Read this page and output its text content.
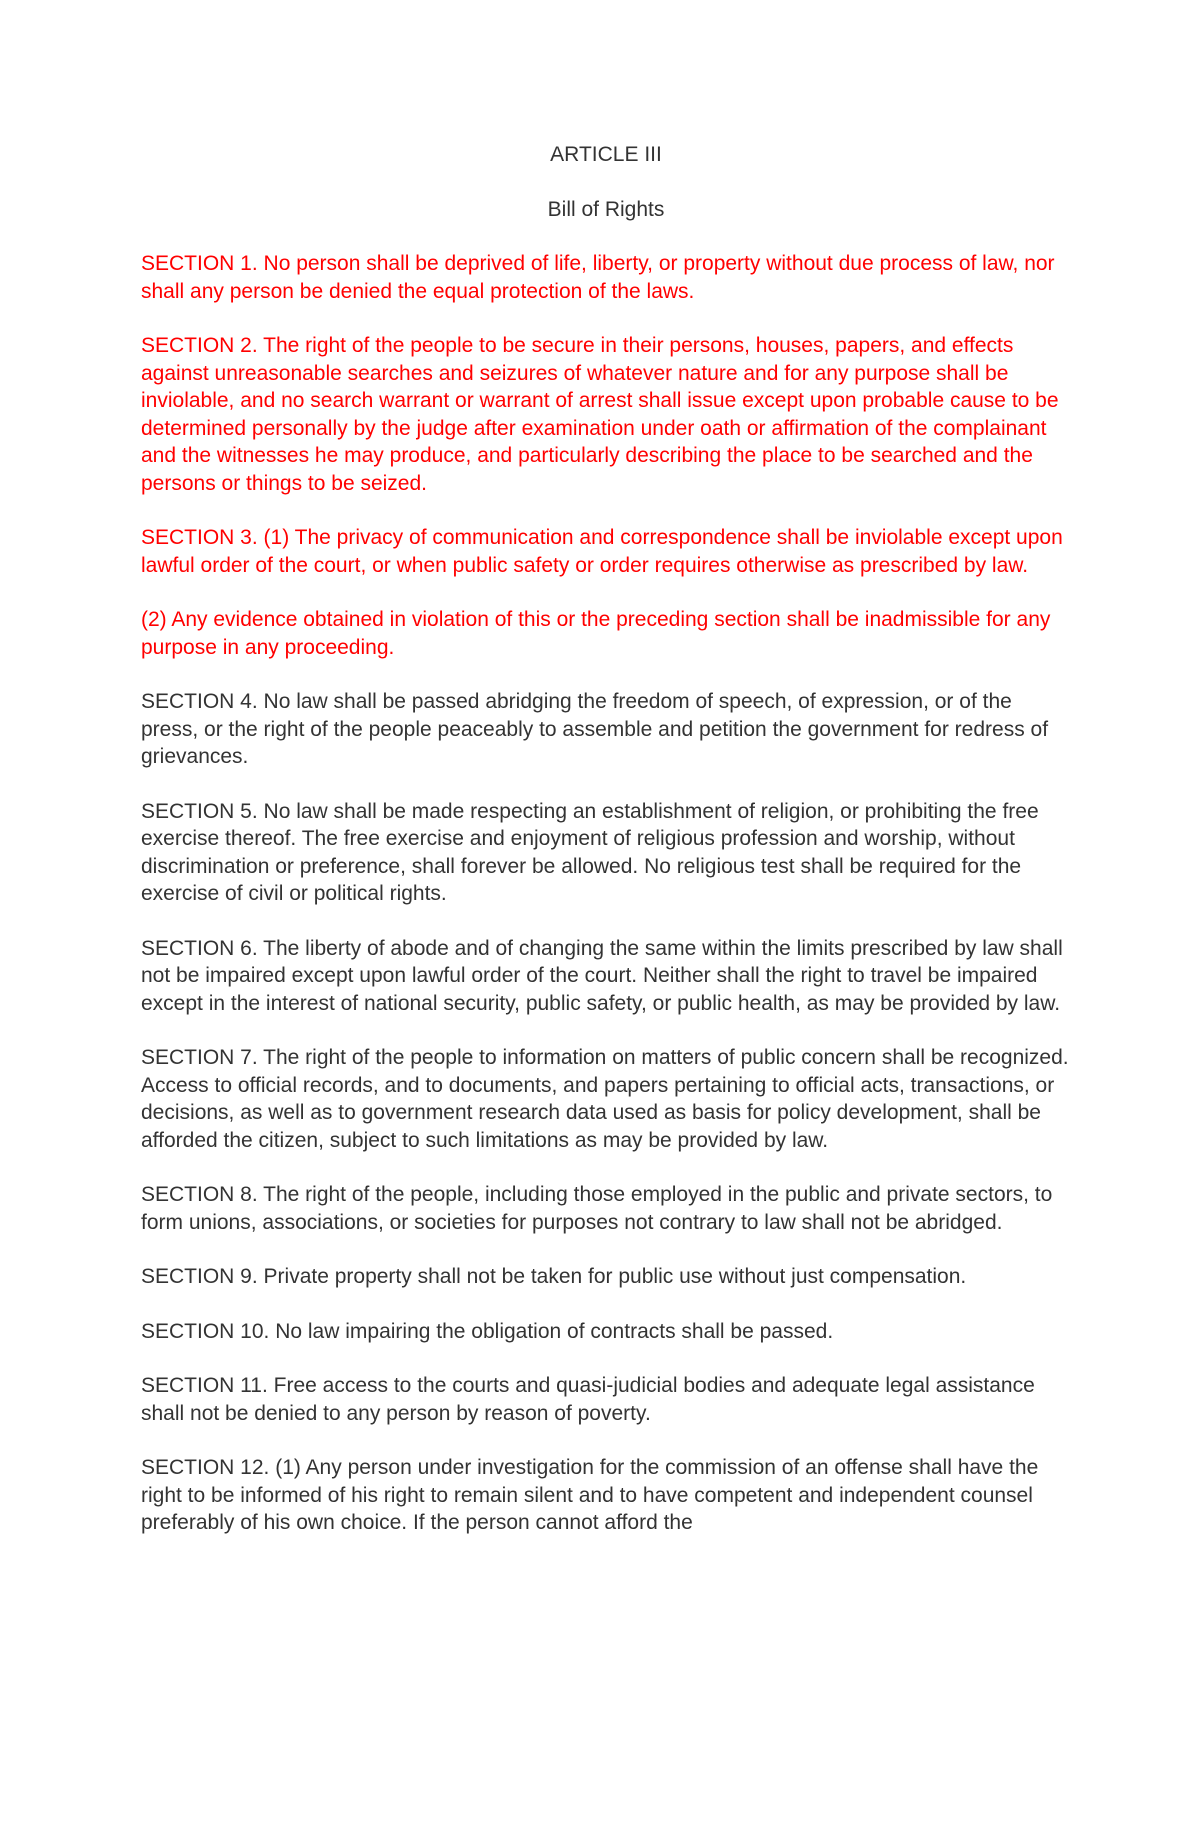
ARTICLE III

Bill of Rights

SECTION 1. No person shall be deprived of life, liberty, or property without due process of law, nor shall any person be denied the equal protection of the laws.

SECTION 2. The right of the people to be secure in their persons, houses, papers, and effects against unreasonable searches and seizures of whatever nature and for any purpose shall be inviolable, and no search warrant or warrant of arrest shall issue except upon probable cause to be determined personally by the judge after examination under oath or affirmation of the complainant and the witnesses he may produce, and particularly describing the place to be searched and the persons or things to be seized.

SECTION 3. (1) The privacy of communication and correspondence shall be inviolable except upon lawful order of the court, or when public safety or order requires otherwise as prescribed by law.

(2) Any evidence obtained in violation of this or the preceding section shall be inadmissible for any purpose in any proceeding.

SECTION 4. No law shall be passed abridging the freedom of speech, of expression, or of the press, or the right of the people peaceably to assemble and petition the government for redress of grievances.

SECTION 5. No law shall be made respecting an establishment of religion, or prohibiting the free exercise thereof. The free exercise and enjoyment of religious profession and worship, without discrimination or preference, shall forever be allowed. No religious test shall be required for the exercise of civil or political rights.

SECTION 6. The liberty of abode and of changing the same within the limits prescribed by law shall not be impaired except upon lawful order of the court. Neither shall the right to travel be impaired except in the interest of national security, public safety, or public health, as may be provided by law.

SECTION 7. The right of the people to information on matters of public concern shall be recognized. Access to official records, and to documents, and papers pertaining to official acts, transactions, or decisions, as well as to government research data used as basis for policy development, shall be afforded the citizen, subject to such limitations as may be provided by law.

SECTION 8. The right of the people, including those employed in the public and private sectors, to form unions, associations, or societies for purposes not contrary to law shall not be abridged.

SECTION 9. Private property shall not be taken for public use without just compensation.

SECTION 10. No law impairing the obligation of contracts shall be passed.

SECTION 11. Free access to the courts and quasi-judicial bodies and adequate legal assistance shall not be denied to any person by reason of poverty.

SECTION 12. (1) Any person under investigation for the commission of an offense shall have the right to be informed of his right to remain silent and to have competent and independent counsel preferably of his own choice. If the person cannot afford the
